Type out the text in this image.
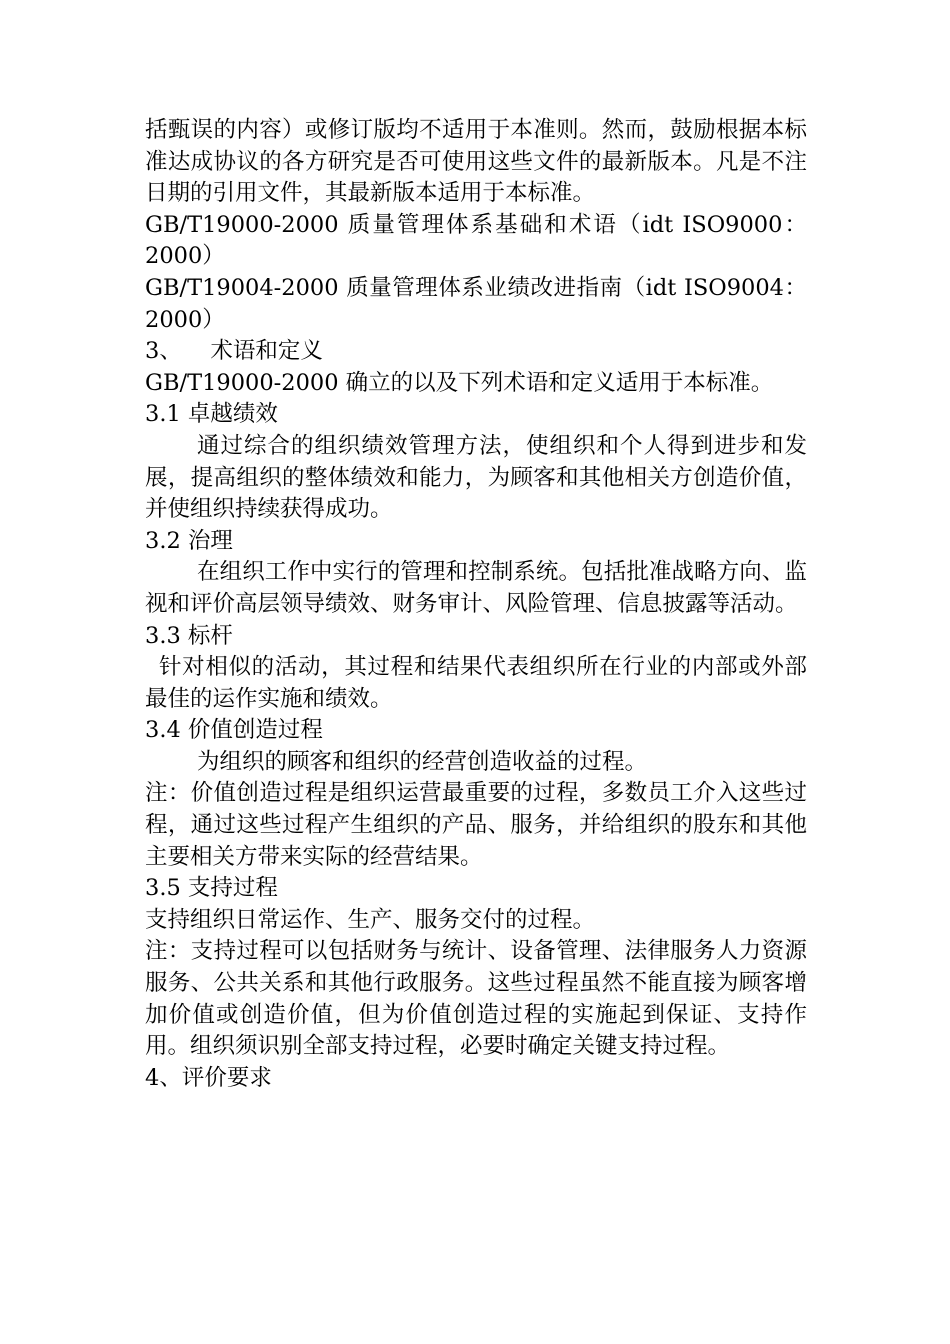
括甄误的内容）或修订版均不适用于本准则。然而，鼓励根据本标准达成协议的各方研究是否可使用这些文件的最新版本。凡是不注日期的引用文件，其最新版本适用于本标准。

GB/T19000-2000 质量管理体系基础和术语（idt ISO9000：2000）

GB/T19004-2000 质量管理体系业绩改进指南（idt ISO9004：2000）

3、    术语和定义

GB/T19000-2000 确立的以及下列术语和定义适用于本标准。

3.1 卓越绩效

通过综合的组织绩效管理方法，使组织和个人得到进步和发展，提高组织的整体绩效和能力，为顾客和其他相关方创造价值，并使组织持续获得成功。

3.2 治理

在组织工作中实行的管理和控制系统。包括批准战略方向、监视和评价高层领导绩效、财务审计、风险管理、信息披露等活动。

3.3 标杆

针对相似的活动，其过程和结果代表组织所在行业的内部或外部最佳的运作实施和绩效。

3.4 价值创造过程

为组织的顾客和组织的经营创造收益的过程。

注：价值创造过程是组织运营最重要的过程，多数员工介入这些过程，通过这些过程产生组织的产品、服务，并给组织的股东和其他主要相关方带来实际的经营结果。

3.5 支持过程

支持组织日常运作、生产、服务交付的过程。

注：支持过程可以包括财务与统计、设备管理、法律服务人力资源服务、公共关系和其他行政服务。这些过程虽然不能直接为顾客增加价值或创造价值，但为价值创造过程的实施起到保证、支持作用。组织须识别全部支持过程，必要时确定关键支持过程。

4、评价要求
